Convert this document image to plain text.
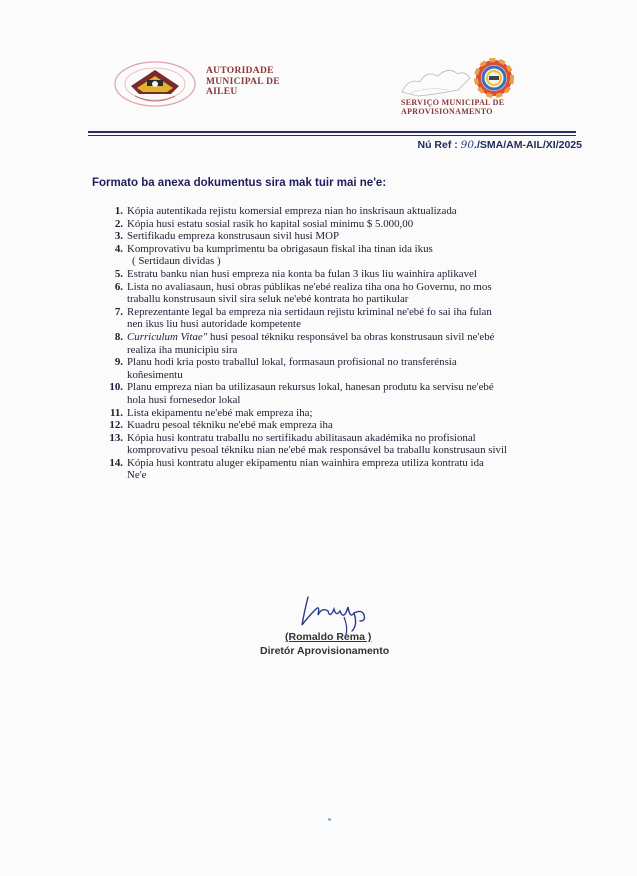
AUTORIDADE
MUNICIPAL DE
AILEU
SERVIÇO MUNICIPAL DE
APROVISIONAMENTO
Nú Ref : 90./SMA/AM-AIL/XI/2025
Formato ba anexa dokumentus sira mak tuir mai ne'e:
1. Kópia autentikada rejistu komersial empreza nian ho inskrisaun aktualizada
2. Kópia husi estatu sosial rasik ho kapital sosial mínimu $ 5.000,00
3. Sertifikadu empreza konstrusaun sivil husi MOP
4. Komprovativu ba kumprimentu ba obrigasaun fiskal iha tinan ida ikus
( Sertidaun dividas )
5. Estratu banku nian husi empreza nia konta ba fulan 3 ikus liu wainhira aplikavel
6. Lista no avaliasaun, husi obras públikas ne'ebé realiza tiha ona ho Governu, no mos
traballu konstrusaun sivil sira seluk ne'ebé kontrata ho partikular
7. Reprezentante legal ba empreza nia sertidaun rejistu kriminal ne'ebé fo sai iha fulan
nen ikus liu husi autoridade kompetente
8. Curriculum Vitae" husi pesoal tékniku responsável ba obras konstrusaun sivil ne'ebé
realiza iha municipiu sira
9. Planu hodi kria posto traballul lokal, formasaun profisional no transferénsia
koñesimentu
10. Planu empreza nian ba utilizasaun rekursus lokal, hanesan produtu ka servisu ne'ebé
hola husi fornesedor lokal
11. Lista ekipamentu ne'ebé mak empreza iha;
12. Kuadru pesoal tékniku ne'ebé mak empreza iha
13. Kópia husi kontratu traballu no sertifikadu abilitasaun akadémika no profisional
komprovativu pesoal tékniku nian ne'ebé mak responsável ba traballu konstrusaun sivil
14. Kópia husi kontratu aluger ekipamentu nian wainhira empreza utiliza kontratu ida
Ne'e
(Romaldo Rema )
Diretór Aprovisionamento
